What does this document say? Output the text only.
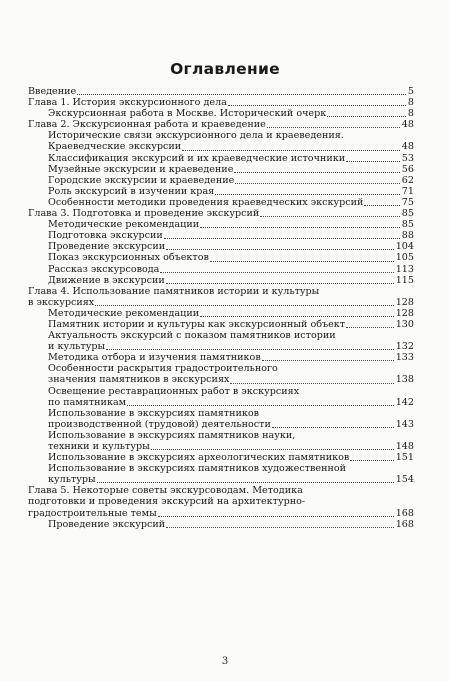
Оглавление
Введение	5
Глава 1. История экскурсионного дела	8
Экскурсионная работа в Москве. Исторический очерк	8
Глава 2. Экскурсионная работа и краеведение	48
Исторические связи экскурсионного дела и краеведения.
Краеведческие экскурсии	48
Классификация экскурсий и их краеведческие источники	53
Музейные экскурсии и краеведение	56
Городские экскурсии и краеведение	62
Роль экскурсий в изучении края	71
Особенности методики проведения краеведческих экскурсий	75
Глава 3. Подготовка и проведение экскурсий	85
Методические рекомендации	85
Подготовка экскурсии	88
Проведение экскурсии	104
Показ экскурсионных объектов	105
Рассказ экскурсовода	113
Движение в экскурсии	115
Глава 4. Использование памятников истории и культуры
в экскурсиях	128
Методические рекомендации	128
Памятник истории и культуры как экскурсионный объект	130
Актуальность экскурсий с показом памятников истории
и культуры	132
Методика отбора и изучения памятников	133
Особенности раскрытия градостроительного
значения памятников в экскурсиях	138
Освещение реставрационных работ в экскурсиях
по памятникам	142
Использование в экскурсиях памятников
производственной (трудовой) деятельности	143
Использование в экскурсиях памятников науки,
техники и культуры	148
Использование в экскурсиях археологических памятников	151
Использование в экскурсиях памятников художественной
культуры	154
Глава 5. Некоторые советы экскурсоводам. Методика
подготовки и проведения экскурсий на архитектурно-
градостроительные темы	168
Проведение экскурсий	168
3
